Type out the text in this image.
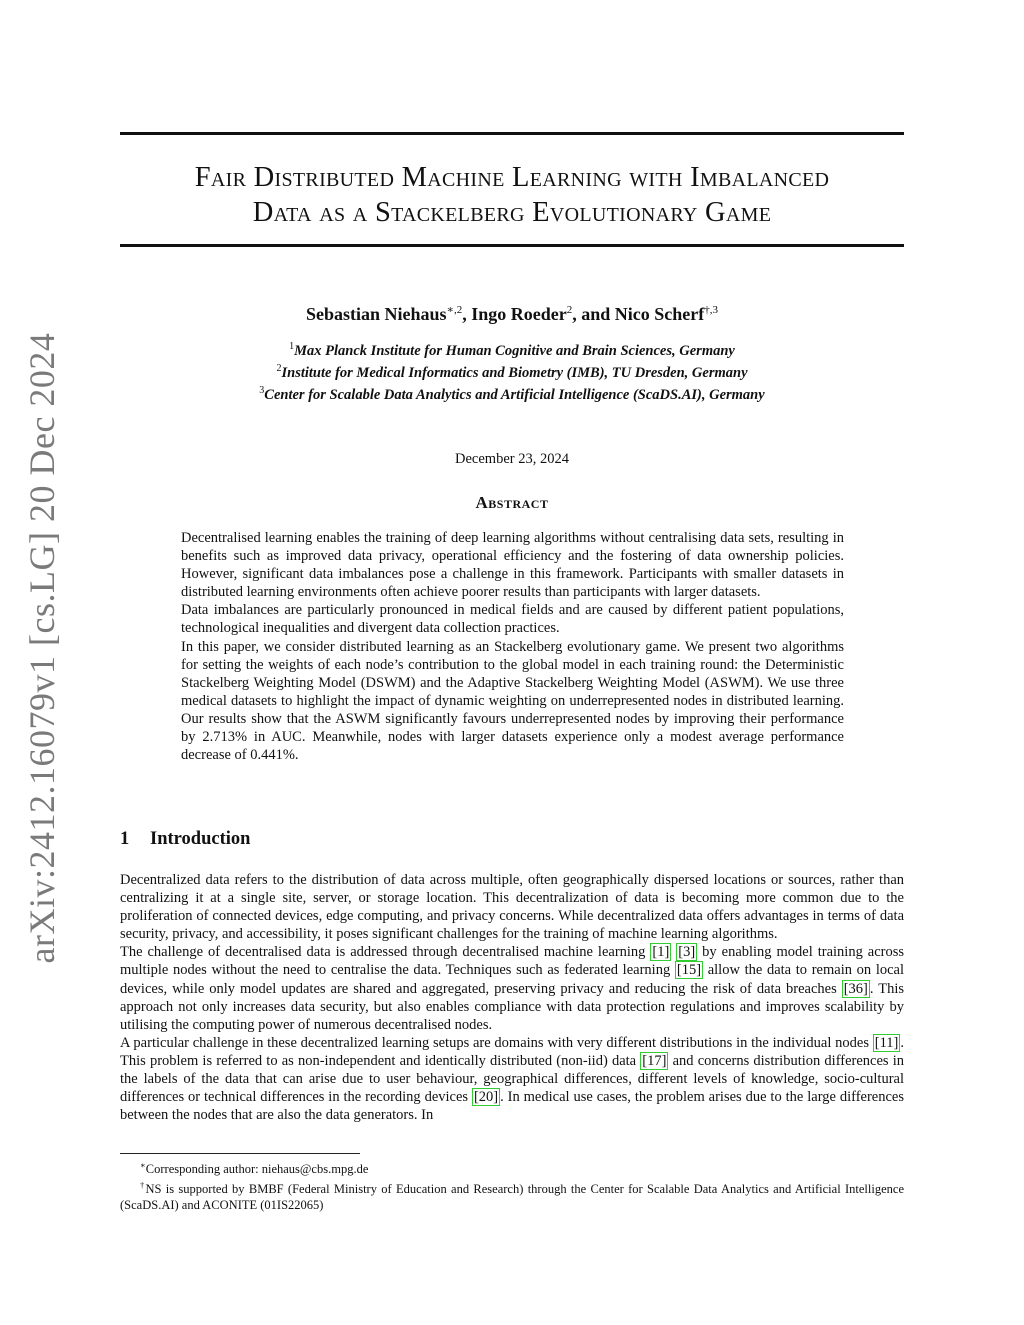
arXiv:2412.16079v1 [cs.LG] 20 Dec 2024
Fair Distributed Machine Learning with Imbalanced
Data as a Stackelberg Evolutionary Game
Sebastian Niehaus$^{∗,2}$, Ingo Roeder$^2$, and Nico Scherf$^{\dagger,3}$
$^1$Max Planck Institute for Human Cognitive and Brain Sciences, Germany
$^2$Institute for Medical Informatics and Biometry (IMB), TU Dresden, Germany
$^3$Center for Scalable Data Analytics and Artificial Intelligence (ScaDS.AI), Germany
December 23, 2024
Abstract

Decentralised learning enables the training of deep learning algorithms without centralising data sets, resulting in benefits such as improved data privacy, operational efficiency and the fostering of data ownership policies. However, significant data imbalances pose a challenge in this framework. Participants with smaller datasets in distributed learning environments often achieve poorer results than participants with larger datasets.

Data imbalances are particularly pronounced in medical fields and are caused by different patient populations, technological inequalities and divergent data collection practices.

In this paper, we consider distributed learning as an Stackelberg evolutionary game. We present two algorithms for setting the weights of each node’s contribution to the global model in each training round: the Deterministic Stackelberg Weighting Model (DSWM) and the Adaptive Stackelberg Weighting Model (ASWM). We use three medical datasets to highlight the impact of dynamic weighting on underrepresented nodes in distributed learning. Our results show that the ASWM significantly favours underrepresented nodes by improving their performance by 2.713% in AUC. Meanwhile, nodes with larger datasets experience only a modest average performance decrease of 0.441%.

1 Introduction

Decentralized data refers to the distribution of data across multiple, often geographically dispersed locations or sources, rather than centralizing it at a single site, server, or storage location. This decentralization of data is becoming more common due to the proliferation of connected devices, edge computing, and privacy concerns. While decentralized data offers advantages in terms of data security, privacy, and accessibility, it poses significant challenges for the training of machine learning algorithms.

The challenge of decentralised data is addressed through decentralised machine learning [1] [3] by enabling model training across multiple nodes without the need to centralise the data. Techniques such as federated learning [15] allow the data to remain on local devices, while only model updates are shared and aggregated, preserving privacy and reducing the risk of data breaches [36] . This approach not only increases data security, but also enables compliance with data protection regulations and improves scalability by utilising the computing power of numerous decentralised nodes.

A particular challenge in these decentralized learning setups are domains with very different distributions in the individual nodes [11] . This problem is referred to as non-independent and identically distributed (non-iid) data [17] and concerns distribution differences in the labels of the data that can arise due to user behaviour, geographical differences, different levels of knowledge, socio-cultural differences or technical differences in the recording devices [20] . In medical use cases, the problem arises due to the large differences between the nodes that are also the data generators. In

∗Corresponding author: niehaus@cbs.mpg.de

†NS is supported by BMBF (Federal Ministry of Education and Research) through the Center for Scalable Data Analytics and Artificial Intelligence (ScaDS.AI) and ACONITE (01IS22065)
